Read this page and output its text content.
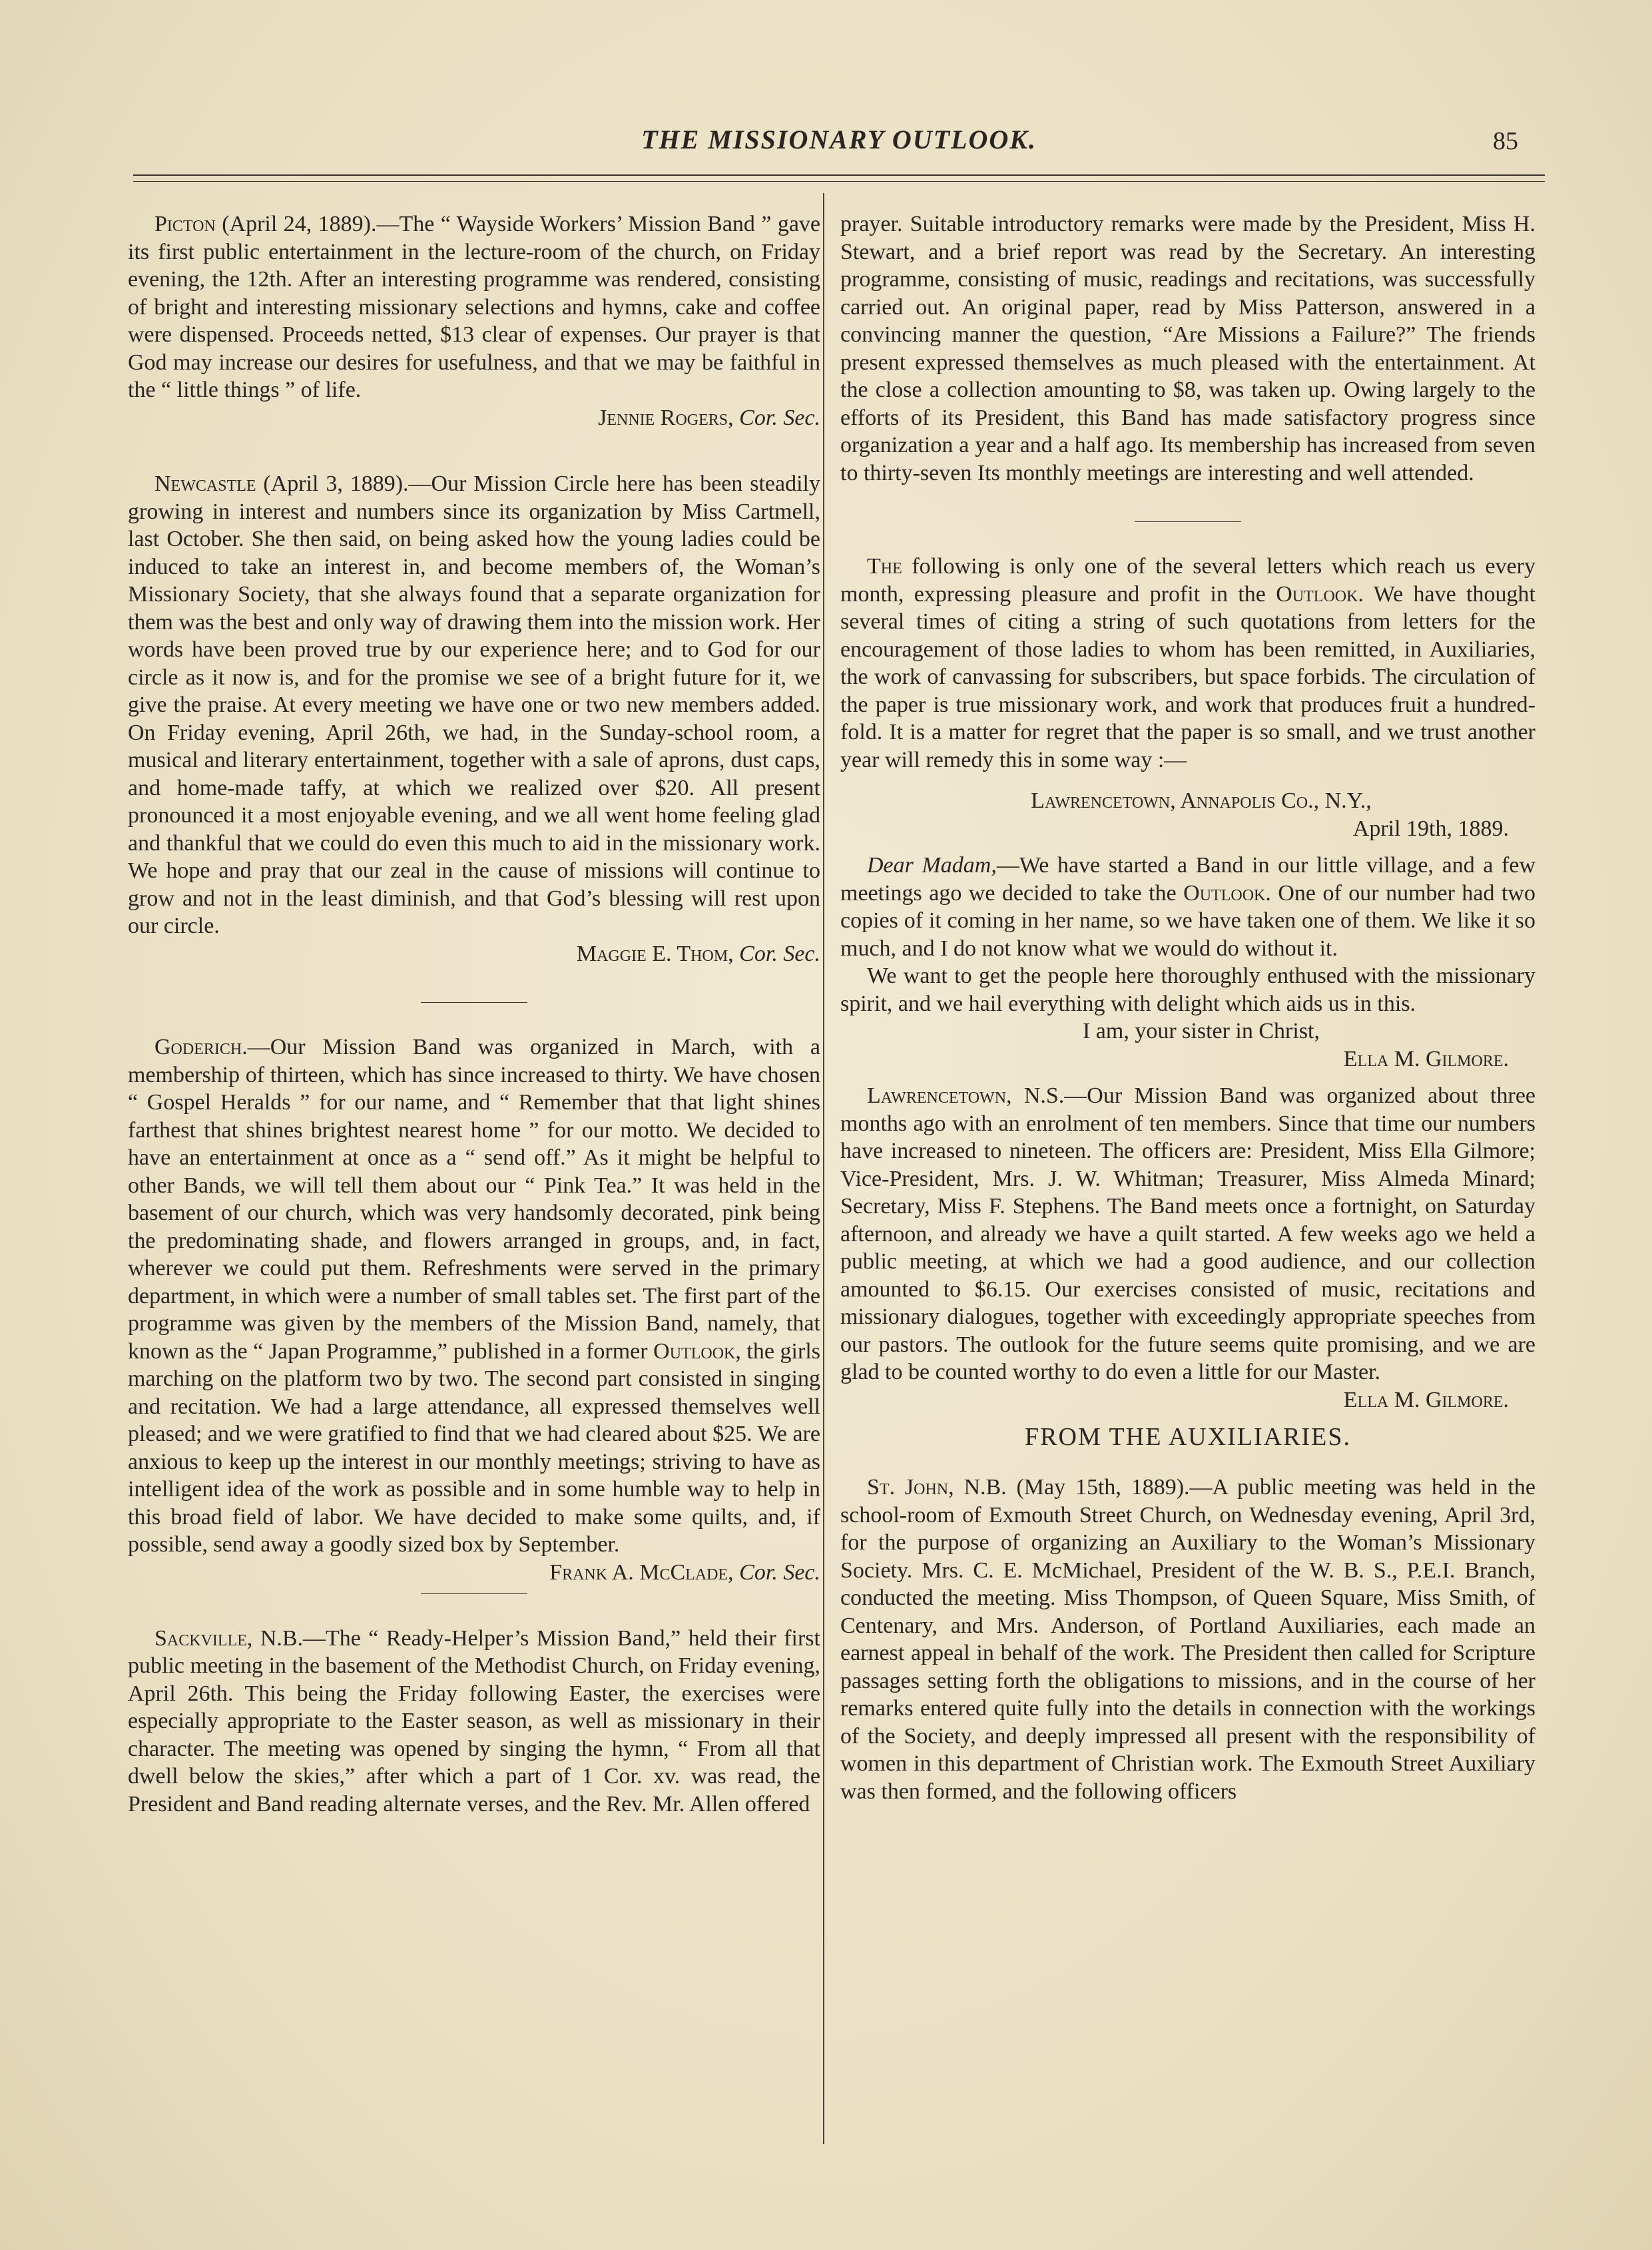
THE MISSIONARY OUTLOOK.	85

Picton (April 24, 1889).—The “ Wayside Workers’ Mission Band ” gave its first public entertainment in the lecture-room of the church, on Friday evening, the 12th. After an interesting programme was rendered, consisting of bright and interesting missionary selections and hymns, cake and coffee were dispensed. Proceeds netted, $13 clear of expenses. Our prayer is that God may increase our desires for usefulness, and that we may be faithful in the “ little things ” of life.

Jennie Rogers, Cor. Sec.

Newcastle (April 3, 1889).—Our Mission Circle here has been steadily growing in interest and numbers since its organization by Miss Cartmell, last October. She then said, on being asked how the young ladies could be induced to take an interest in, and become members of, the Woman’s Missionary Society, that she always found that a separate organization for them was the best and only way of drawing them into the mission work. Her words have been proved true by our experience here; and to God for our circle as it now is, and for the promise we see of a bright future for it, we give the praise. At every meeting we have one or two new members added. On Friday evening, April 26th, we had, in the Sunday-school room, a musical and literary entertainment, together with a sale of aprons, dust caps, and home-made taffy, at which we realized over $20. All present pronounced it a most enjoyable evening, and we all went home feeling glad and thankful that we could do even this much to aid in the missionary work. We hope and pray that our zeal in the cause of missions will continue to grow and not in the least diminish, and that God’s blessing will rest upon our circle.

Maggie E. Thom, Cor. Sec.

Goderich.—Our Mission Band was organized in March, with a membership of thirteen, which has since increased to thirty. We have chosen “ Gospel Heralds ” for our name, and “ Remember that that light shines farthest that shines brightest nearest home ” for our motto. We decided to have an entertainment at once as a “ send off.” As it might be helpful to other Bands, we will tell them about our “ Pink Tea.” It was held in the basement of our church, which was very handsomly decorated, pink being the predominating shade, and flowers arranged in groups, and, in fact, wherever we could put them. Refreshments were served in the primary department, in which were a number of small tables set. The first part of the programme was given by the members of the Mission Band, namely, that known as the “ Japan Programme,” published in a former Outlook, the girls marching on the platform two by two. The second part consisted in singing and recitation. We had a large attendance, all expressed themselves well pleased; and we were gratified to find that we had cleared about $25. We are anxious to keep up the interest in our monthly meetings; striving to have as intelligent idea of the work as possible and in some humble way to help in this broad field of labor. We have decided to make some quilts, and, if possible, send away a goodly sized box by September.
Frank A. McClade, Cor. Sec.

Sackville, N.B.—The “ Ready-Helper’s Mission Band,” held their first public meeting in the basement of the Methodist Church, on Friday evening, April 26th. This being the Friday following Easter, the exercises were especially appropriate to the Easter season, as well as missionary in their character. The meeting was opened by singing the hymn, “ From all that dwell below the skies,” after which a part of 1 Cor. xv. was read, the President and Band reading alternate verses, and the Rev. Mr. Allen offered

prayer. Suitable introductory remarks were made by the President, Miss H. Stewart, and a brief report was read by the Secretary. An interesting programme, consisting of music, readings and recitations, was successfully carried out. An original paper, read by Miss Patterson, answered in a convincing manner the question, “Are Missions a Failure?” The friends present expressed themselves as much pleased with the entertainment. At the close a collection amounting to $8, was taken up. Owing largely to the efforts of its President, this Band has made satisfactory progress since organization a year and a half ago. Its membership has increased from seven to thirty-seven Its monthly meetings are interesting and well attended.

The following is only one of the several letters which reach us every month, expressing pleasure and profit in the Outlook. We have thought several times of citing a string of such quotations from letters for the encouragement of those ladies to whom has been remitted, in Auxiliaries, the work of canvassing for subscribers, but space forbids. The circulation of the paper is true missionary work, and work that produces fruit a hundred-fold. It is a matter for regret that the paper is so small, and we trust another year will remedy this in some way :—

Lawrencetown, Annapolis Co., N.Y.,

April 19th, 1889.

Dear Madam,—We have started a Band in our little village, and a few meetings ago we decided to take the Outlook. One of our number had two copies of it coming in her name, so we have taken one of them. We like it so much, and I do not know what we would do without it.

We want to get the people here thoroughly enthused with the missionary spirit, and we hail everything with delight which aids us in this.

I am, your sister in Christ,

Ella M. Gilmore.

Lawrencetown, N.S.—Our Mission Band was organized about three months ago with an enrolment of ten members. Since that time our numbers have increased to nineteen. The officers are: President, Miss Ella Gilmore; Vice-President, Mrs. J. W. Whitman; Treasurer, Miss Almeda Minard; Secretary, Miss F. Stephens. The Band meets once a fortnight, on Saturday afternoon, and already we have a quilt started. A few weeks ago we held a public meeting, at which we had a good audience, and our collection amounted to $6.15. Our exercises consisted of music, recitations and missionary dialogues, together with exceedingly appropriate speeches from our pastors. The outlook for the future seems quite promising, and we are glad to be counted worthy to do even a little for our Master.
Ella M. Gilmore.

FROM THE AUXILIARIES.

St. John, N.B. (May 15th, 1889).—A public meeting was held in the school-room of Exmouth Street Church, on Wednesday evening, April 3rd, for the purpose of organizing an Auxiliary to the Woman’s Missionary Society. Mrs. C. E. McMichael, President of the W. B. S., P.E.I. Branch, conducted the meeting. Miss Thompson, of Queen Square, Miss Smith, of Centenary, and Mrs. Anderson, of Portland Auxiliaries, each made an earnest appeal in behalf of the work. The President then called for Scripture passages setting forth the obligations to missions, and in the course of her remarks entered quite fully into the details in connection with the workings of the Society, and deeply impressed all present with the responsibility of women in this department of Christian work. The Exmouth Street Auxiliary was then formed, and the following officers
